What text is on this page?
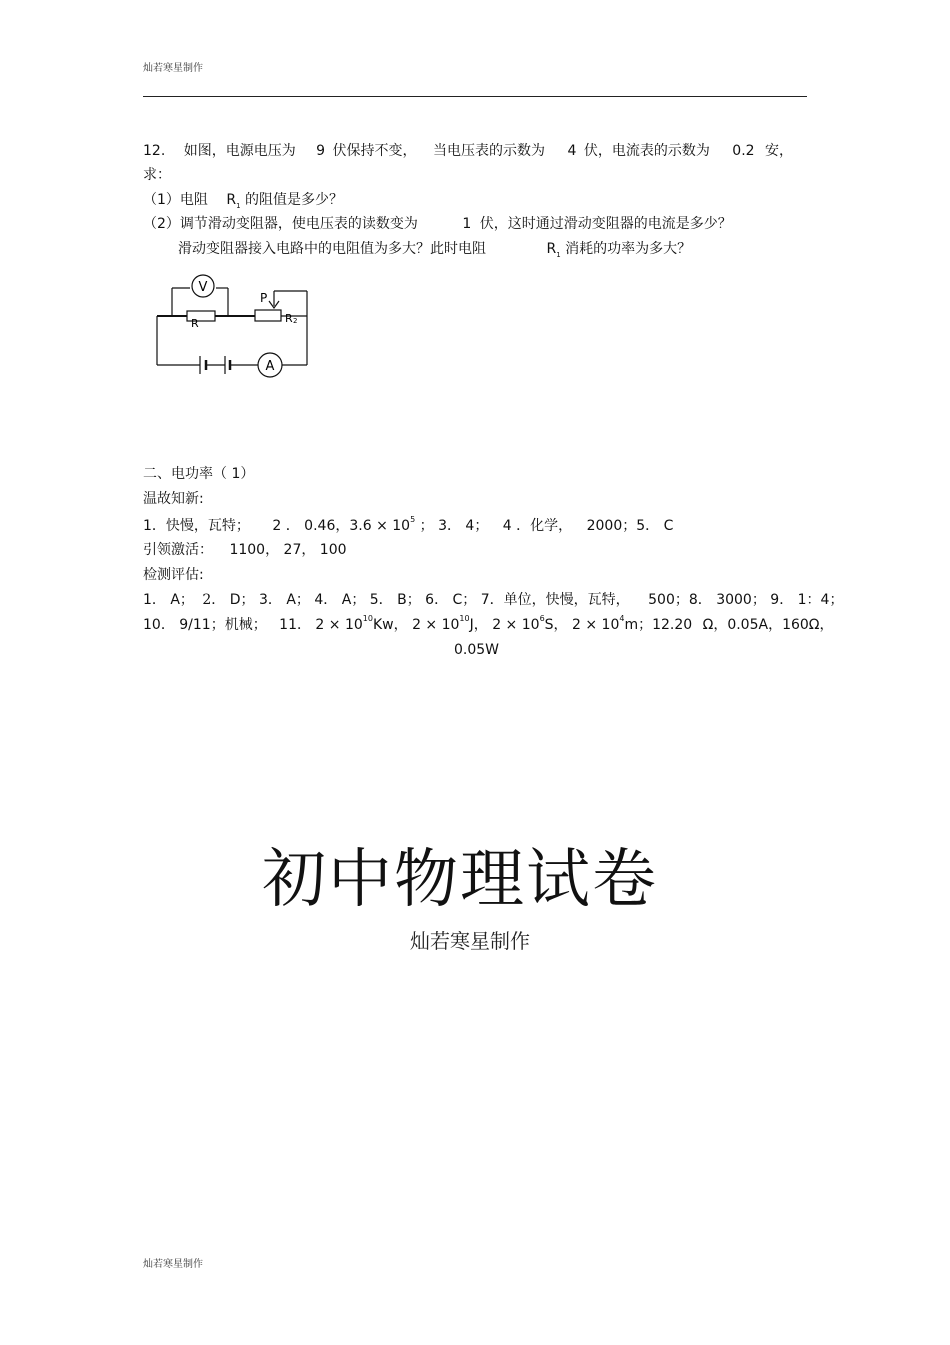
灿若寒星制作
12. 如图，电源电压为 9 伏保持不变， 当电压表的示数为 4 伏，电流表的示数为 0.2 安，
求：
（1）电阻 $R_1$ 的阻值是多少？
（2）调节滑动变阻器，使电压表的读数变为	1 伏，这时通过滑动变阻器的电流是多少？
滑动变阻器接入电路中的电阻值为多大？此时电阻	$R_1$ 消耗的功率为多大？
V
A
P
R	R 2
二、电功率（ 1）
温故知新:
1．快慢，瓦特； 2 ． 0.46，$3.6 \times 10^5$ ； 3． 4； 4 ．化学， 2000；5． C
引领激活： 1100， 27， 100
检测评估:
1． A； 2． D； 3． A； 4． A； 5． B； 6． C； 7．单位，快慢，瓦特， 500；8． 3000； 9． 1：4；
10． 9/11；机械； 11． $2 \times 10^{10}Kw$， $2 \times 10^{10}J$， $2 \times 10^6S$， $2 \times 10^4m$；12.20 Ω，0.05A，160Ω，
0.05W
初中物理试卷
灿若寒星制作
灿若寒星制作
